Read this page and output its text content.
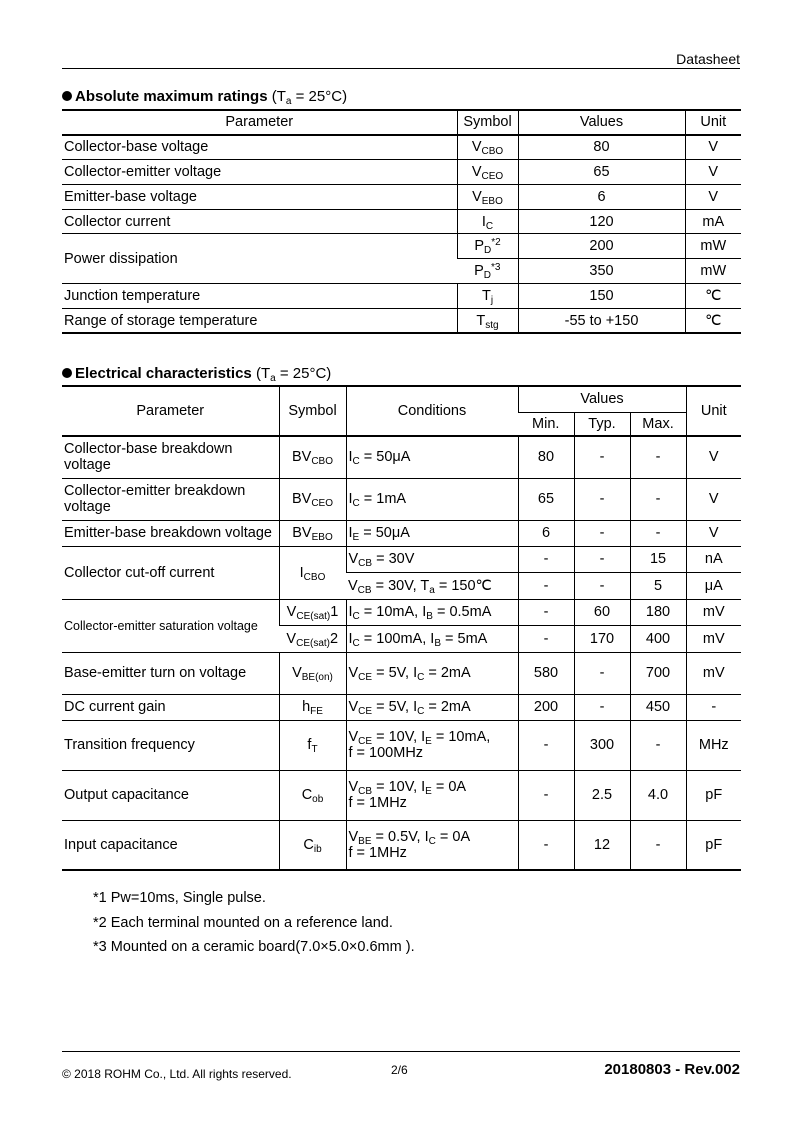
Datasheet
Absolute maximum ratings $(T_a = 25^\circ C)$
Parameter	Symbol	Values	Unit
Collector-base voltage	$V_{CBO}$	80	V
Collector-emitter voltage	$V_{CEO}$	65	V
Emitter-base voltage	$V_{EBO}$	6	V
Collector current	$I_C$	120	mA
Power dissipation	$P_D^{*2}$	200	mW
	$P_D^{*3}$	350	mW
Junction temperature	$T_j$	150	℃
Range of storage temperature	$T_{stg}$	-55 to +150	℃
Electrical characteristics $(T_a = 25^\circ C)$
Parameter	Symbol	Conditions	Values			Unit
			Min.	Typ.	Max.	
Collector-base breakdown voltage	$BV_{CBO}$	$I_C = 50\mu A$	80	-	-	V
Collector-emitter breakdown voltage	$BV_{CEO}$	$I_C = 1mA$	65	-	-	V
Emitter-base breakdown voltage	$BV_{EBO}$	$I_E = 50\mu A$	6	-	-	V
Collector cut-off current	$I_{CBO}$	$V_{CB} = 30V$	-	-	15	nA
		$V_{CB} = 30V$, $T_a$ = 150℃	-	-	5	μA
Collector-emitter saturation voltage	$V_{CE(sat)}1$	$I_C = 10mA$, $I_B = 0.5mA$	-	60	180	mV
	$V_{CE(sat)}2$	$I_C = 100mA$, $I_B = 5mA$	-	170	400	mV
Base-emitter turn on voltage	$V_{BE(on)}$	$V_{CE} = 5V$, $I_C = 2mA$	580	-	700	mV
DC current gain	$h_{FE}$	$V_{CE} = 5V$, $I_C = 2mA$	200	-	450	-
Transition frequency	$f_T$	$V_{CE} = 10V$, $I_E = 10mA$,
f = 100MHz	-	300	-	MHz
Output capacitance	$C_{ob}$	$V_{CB} = 10V$, $I_E = 0A$
f = 1MHz	-	2.5	4.0	pF
Input capacitance	$C_{ib}$	$V_{BE} = 0.5V$, $I_C = 0A$
f = 1MHz	-	12	-	pF
*1 Pw=10ms, Single pulse.
*2 Each terminal mounted on a reference land.
*3 Mounted on a ceramic board(7.0×5.0×0.6mm ).
© 2018 ROHM Co., Ltd. All rights reserved.	2/6	20180803 - Rev.002
